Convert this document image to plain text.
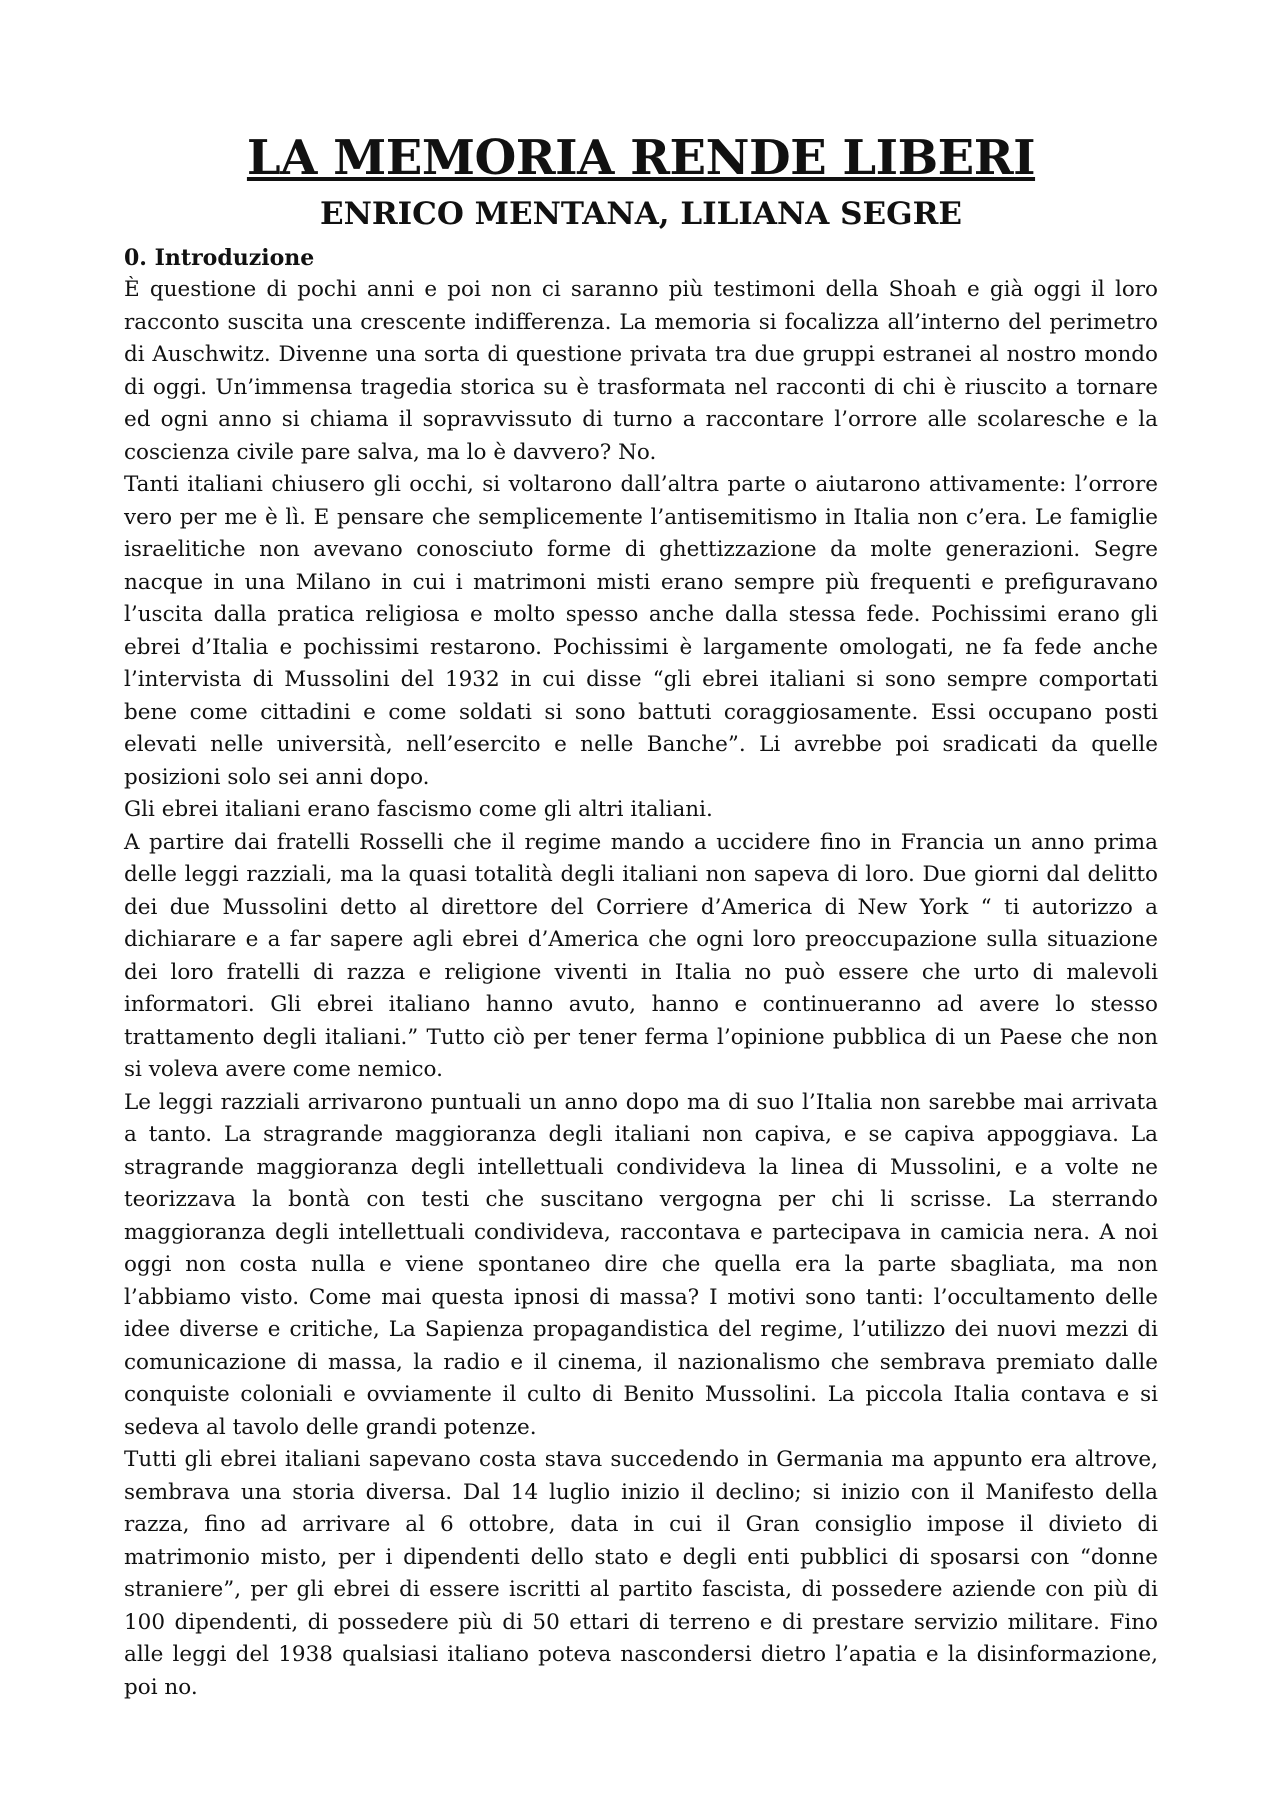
LA MEMORIA RENDE LIBERI
ENRICO MENTANA, LILIANA SEGRE
0. Introduzione

È questione di pochi anni e poi non ci saranno più testimoni della Shoah e già oggi il loro racconto suscita una crescente indifferenza. La memoria si focalizza all’interno del perimetro di Auschwitz. Divenne una sorta di questione privata tra due gruppi estranei al nostro mondo di oggi. Un’immensa tragedia storica su è trasformata nel racconti di chi è riuscito a tornare ed ogni anno si chiama il sopravvissuto di turno a raccontare l’orrore alle scolaresche e la coscienza civile pare salva, ma lo è davvero? No.

Tanti italiani chiusero gli occhi, si voltarono dall’altra parte o aiutarono attivamente: l’orrore vero per me è lì. E pensare che semplicemente l’antisemitismo in Italia non c’era. Le famiglie israelitiche non avevano conosciuto forme di ghettizzazione da molte generazioni. Segre nacque in una Milano in cui i matrimoni misti erano sempre più frequenti e prefiguravano l’uscita dalla pratica religiosa e molto spesso anche dalla stessa fede. Pochissimi erano gli ebrei d’Italia e pochissimi restarono. Pochissimi è largamente omologati, ne fa fede anche l’intervista di Mussolini del 1932 in cui disse “gli ebrei italiani si sono sempre comportati bene come cittadini e come soldati si sono battuti coraggiosamente. Essi occupano posti elevati nelle università, nell’esercito e nelle Banche”. Li avrebbe poi sradicati da quelle posizioni solo sei anni dopo.

Gli ebrei italiani erano fascismo come gli altri italiani.

A partire dai fratelli Rosselli che il regime mando a uccidere fino in Francia un anno prima delle leggi razziali, ma la quasi totalità degli italiani non sapeva di loro. Due giorni dal delitto dei due Mussolini detto al direttore del Corriere d’America di New York “ ti autorizzo a dichiarare e a far sapere agli ebrei d’America che ogni loro preoccupazione sulla situazione dei loro fratelli di razza e religione viventi in Italia no può essere che urto di malevoli informatori. Gli ebrei italiano hanno avuto, hanno e continueranno ad avere lo stesso trattamento degli italiani.” Tutto ciò per tener ferma l’opinione pubblica di un Paese che non si voleva avere come nemico.

Le leggi razziali arrivarono puntuali un anno dopo ma di suo l’Italia non sarebbe mai arrivata a tanto. La stragrande maggioranza degli italiani non capiva, e se capiva appoggiava. La stragrande maggioranza degli intellettuali condivideva la linea di Mussolini, e a volte ne teorizzava la bontà con testi che suscitano vergogna per chi li scrisse. La sterrando maggioranza degli intellettuali condivideva, raccontava e partecipava in camicia nera. A noi oggi non costa nulla e viene spontaneo dire che quella era la parte sbagliata, ma non l’abbiamo visto. Come mai questa ipnosi di massa? I motivi sono tanti: l’occultamento delle idee diverse e critiche, La Sapienza propagandistica del regime, l’utilizzo dei nuovi mezzi di comunicazione di massa, la radio e il cinema, il nazionalismo che sembrava premiato dalle conquiste coloniali e ovviamente il culto di Benito Mussolini. La piccola Italia contava e si sedeva al tavolo delle grandi potenze.

Tutti gli ebrei italiani sapevano costa stava succedendo in Germania ma appunto era altrove, sembrava una storia diversa. Dal 14 luglio inizio il declino; si inizio con il Manifesto della razza, fino ad arrivare al 6 ottobre, data in cui il Gran consiglio impose il divieto di matrimonio misto, per i dipendenti dello stato e degli enti pubblici di sposarsi con “donne straniere”, per gli ebrei di essere iscritti al partito fascista, di possedere aziende con più di 100 dipendenti, di possedere più di 50 ettari di terreno e di prestare servizio militare. Fino alle leggi del 1938 qualsiasi italiano poteva nascondersi dietro l’apatia e la disinformazione, poi no.
